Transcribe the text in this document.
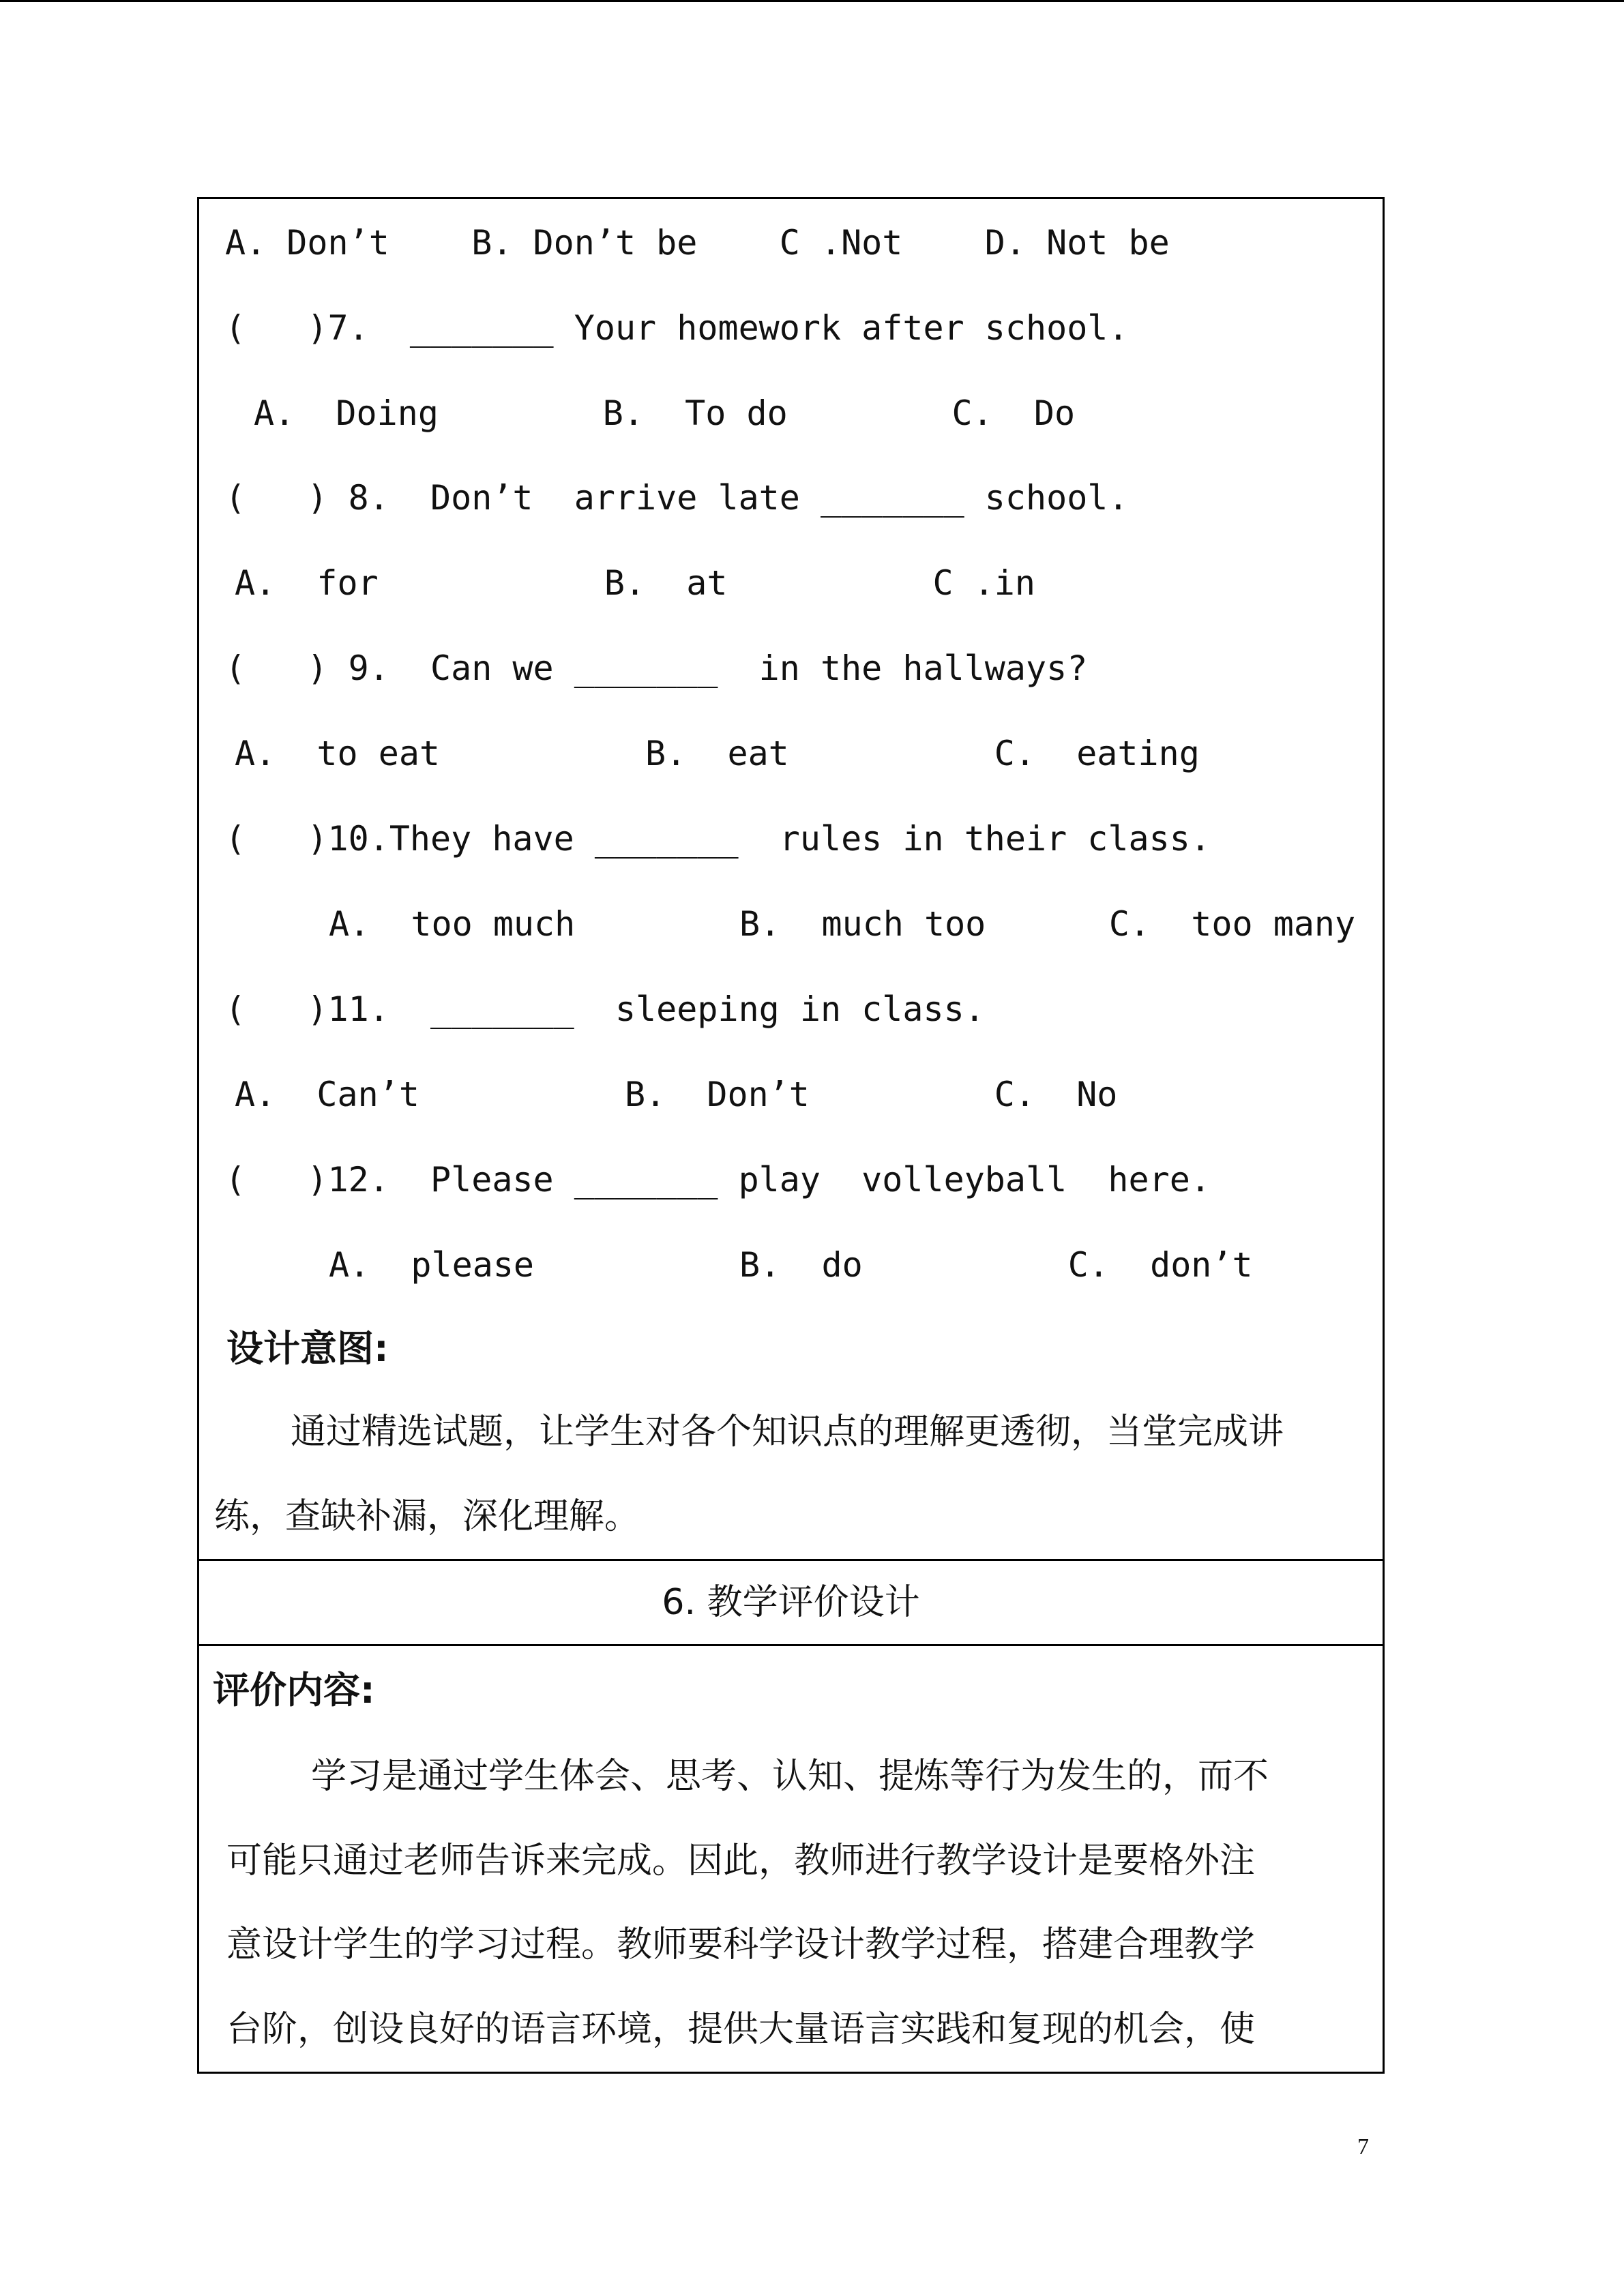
A. Don’t    B. Don’t be    C .Not    D. Not be
(   )7.  _______ Your homework after school.
A.  Doing        B.  To do        C.  Do
(   ) 8.  Don’t  arrive late _______ school.
A.  for           B.  at          C .in
(   ) 9.  Can we _______  in the hallways?
A.  to eat          B.  eat          C.  eating
(   )10.They have _______  rules in their class.
A.  too much        B.  much too      C.  too many
(   )11.  _______  sleeping in class.
A.  Can’t          B.  Don’t         C.  No
(   )12.  Please _______ play  volleyball  here.
A.  please          B.  do          C.  don’t
设计意图:
通过精选试题，让学生对各个知识点的理解更透彻，当堂完成讲
练，查缺补漏，深化理解。
6. 教学评价设计
评价内容:
学习是通过学生体会、思考、认知、提炼等行为发生的，而不
可能只通过老师告诉来完成。因此，教师进行教学设计是要格外注
意设计学生的学习过程。教师要科学设计教学过程，搭建合理教学
台阶，创设良好的语言环境，提供大量语言实践和复现的机会，使
7
